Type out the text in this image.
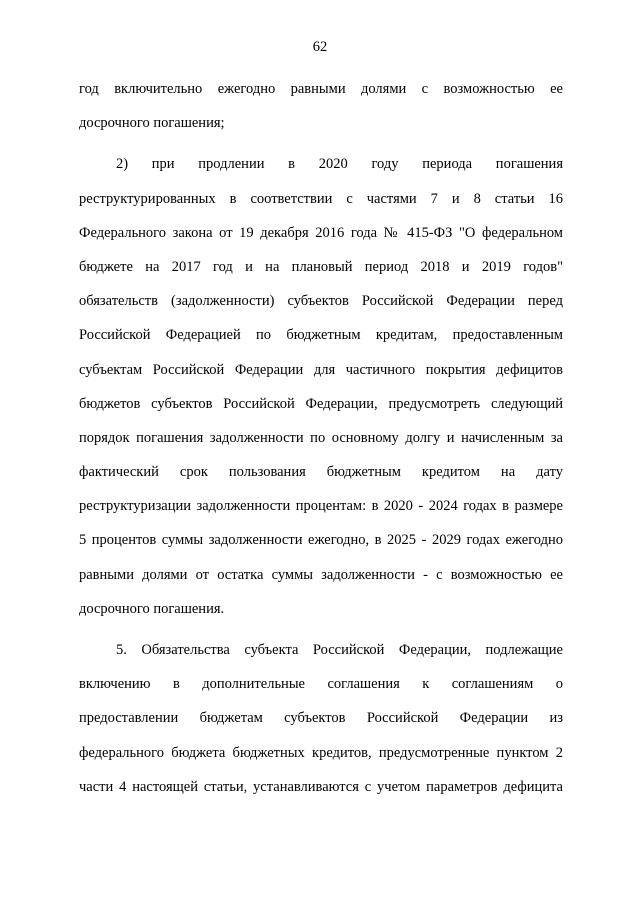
62
год включительно ежегодно равными долями с возможностью ее
досрочного погашения;
2) при продлении в 2020 году периода погашения
реструктурированных в соответствии с частями 7 и 8 статьи 16
Федерального закона от 19 декабря 2016 года № 415-ФЗ "О федеральном
бюджете на 2017 год и на плановый период 2018 и 2019 годов"
обязательств (задолженности) субъектов Российской Федерации перед
Российской Федерацией по бюджетным кредитам, предоставленным
субъектам Российской Федерации для частичного покрытия дефицитов
бюджетов субъектов Российской Федерации, предусмотреть следующий
порядок погашения задолженности по основному долгу и начисленным за
фактический срок пользования бюджетным кредитом на дату
реструктуризации задолженности процентам: в 2020 - 2024 годах в размере
5 процентов суммы задолженности ежегодно, в 2025 - 2029 годах ежегодно
равными долями от остатка суммы задолженности - с возможностью ее
досрочного погашения.
5. Обязательства субъекта Российской Федерации, подлежащие
включению в дополнительные соглашения к соглашениям о
предоставлении бюджетам субъектов Российской Федерации из
федерального бюджета бюджетных кредитов, предусмотренные пунктом 2
части 4 настоящей статьи, устанавливаются с учетом параметров дефицита
